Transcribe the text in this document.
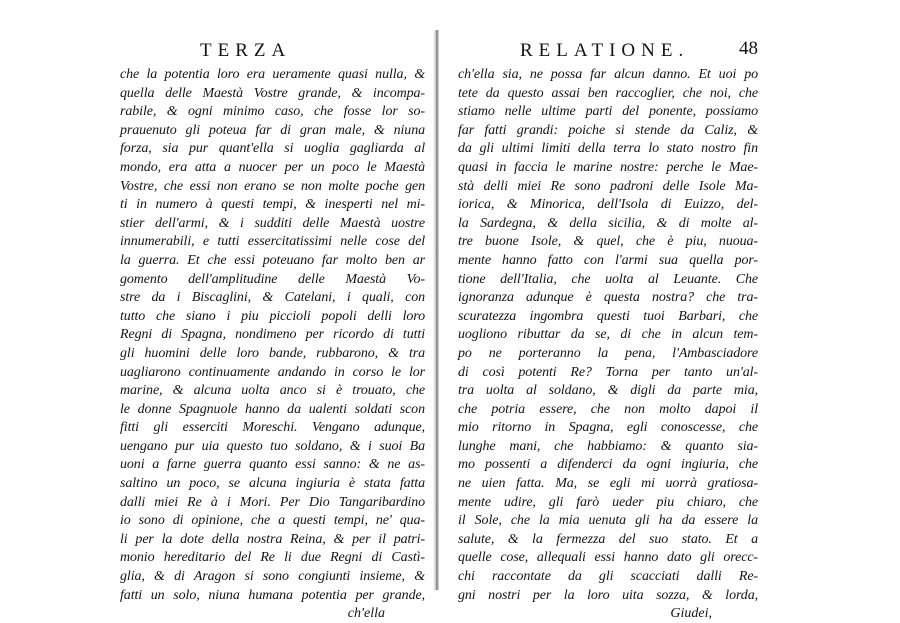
TERZA
che la potentia loro era ueramente quasi nulla, &
quella delle Maestà Vostre grande, & incompa-
rabile, & ogni minimo caso, che fosse lor so-
prauenuto gli poteua far di gran male, & niuna
forza, sia pur quant'ella si uoglia gagliarda al
mondo, era atta a nuocer per un poco le Maestà
Vostre, che essi non erano se non molte poche gen
ti in numero à questi tempi, & inesperti nel mi-
stier dell'armi, & i sudditi delle Maestà uostre
innumerabili, e tutti essercitatissimi nelle cose del
la guerra. Et che essi poteuano far molto ben ar
gomento dell'amplitudine delle Maestà Vo-
stre da i Biscaglini, & Catelani, i quali, con
tutto che siano i piu piccioli popoli delli loro
Regni di Spagna, nondimeno per ricordo di tutti
gli huomini delle loro bande, rubbarono, & tra
uagliarono continuamente andando in corso le lor
marine, & alcuna uolta anco si è trouato, che
le donne Spagnuole hanno da ualenti soldati scon
fitti gli esserciti Moreschi. Vengano adunque,
uengano pur uia questo tuo soldano, & i suoi Ba
uoni a farne guerra quanto essi sanno: & ne as-
saltino un poco, se alcuna ingiuria è stata fatta
dalli miei Re à i Mori. Per Dio Tangaribardino
io sono di opinione, che a questi tempi, ne' qua-
li per la dote della nostra Reina, & per il patri-
monio hereditario del Re li due Regni di Castì-
glia, & di Aragon si sono congiunti insieme, &
fatti un solo, niuna humana potentia per grande,
ch'ella
RELATIONE.	48
ch'ella sia, ne possa far alcun danno. Et uoi po
tete da questo assai ben raccoglier, che noi, che
stiamo nelle ultime parti del ponente, possiamo
far fatti grandi: poiche si stende da Caliz, &
da gli ultimi limiti della terra lo stato nostro fin
quasi in faccia le marine nostre: perche le Mae-
stà delli miei Re sono padroni delle Isole Ma-
iorica, & Minorica, dell'Isola di Euizzo, del-
la Sardegna, & della sicilia, & di molte al-
tre buone Isole, & quel, che è piu, nuoua-
mente hanno fatto con l'armi sua quella por-
tione dell'Italia, che uolta al Leuante. Che
ignoranza adunque è questa nostra? che tra-
scuratezza ingombra questi tuoi Barbari, che
uogliono ributtar da se, di che in alcun tem-
po ne porteranno la pena, l'Ambasciadore
di così potenti Re? Torna per tanto un'al-
tra uolta al soldano, & digli da parte mia,
che potria essere, che non molto dapoi il
mio ritorno in Spagna, egli conoscesse, che
lunghe mani, che habbiamo: & quanto sia-
mo possenti a difenderci da ogni ingiuria, che
ne uien fatta. Ma, se egli mi uorrà gratiosa-
mente udire, gli farò ueder piu chiaro, che
il Sole, che la mia uenuta gli ha da essere la
salute, & la fermezza del suo stato. Et a
quelle cose, allequali essi hanno dato gli orecc-
chi raccontate da gli scacciati dalli Re-
gni nostri per la loro uita sozza, & lorda,
Giudei,
